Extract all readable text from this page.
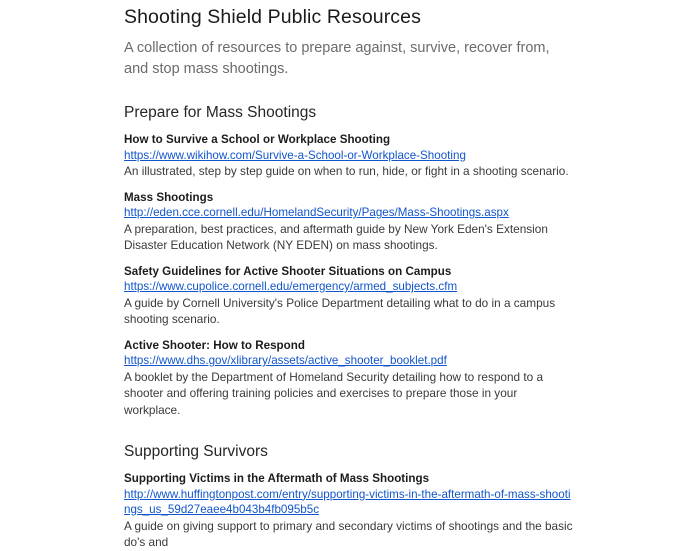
Shooting Shield Public Resources

A collection of resources to prepare against, survive, recover from, and stop mass shootings.

Prepare for Mass Shootings
How to Survive a School or Workplace Shooting
https://www.wikihow.com/Survive-a-School-or-Workplace-Shooting
An illustrated, step by step guide on when to run, hide, or fight in a shooting scenario.
Mass Shootings
http://eden.cce.cornell.edu/HomelandSecurity/Pages/Mass-Shootings.aspx
A preparation, best practices, and aftermath guide by New York Eden's Extension Disaster Education Network (NY EDEN) on mass shootings.
Safety Guidelines for Active Shooter Situations on Campus
https://www.cupolice.cornell.edu/emergency/armed_subjects.cfm
A guide by Cornell University's Police Department detailing what to do in a campus shooting scenario.
Active Shooter: How to Respond
https://www.dhs.gov/xlibrary/assets/active_shooter_booklet.pdf
A booklet by the Department of Homeland Security detailing how to respond to a shooter and offering training policies and exercises to prepare those in your workplace.
Supporting Survivors
Supporting Victims in the Aftermath of Mass Shootings
http://www.huffingtonpost.com/entry/supporting-victims-in-the-aftermath-of-mass-shootings_us_59d27eaee4b043b4fb095b5c
A guide on giving support to primary and secondary victims of shootings and the basic do's and
